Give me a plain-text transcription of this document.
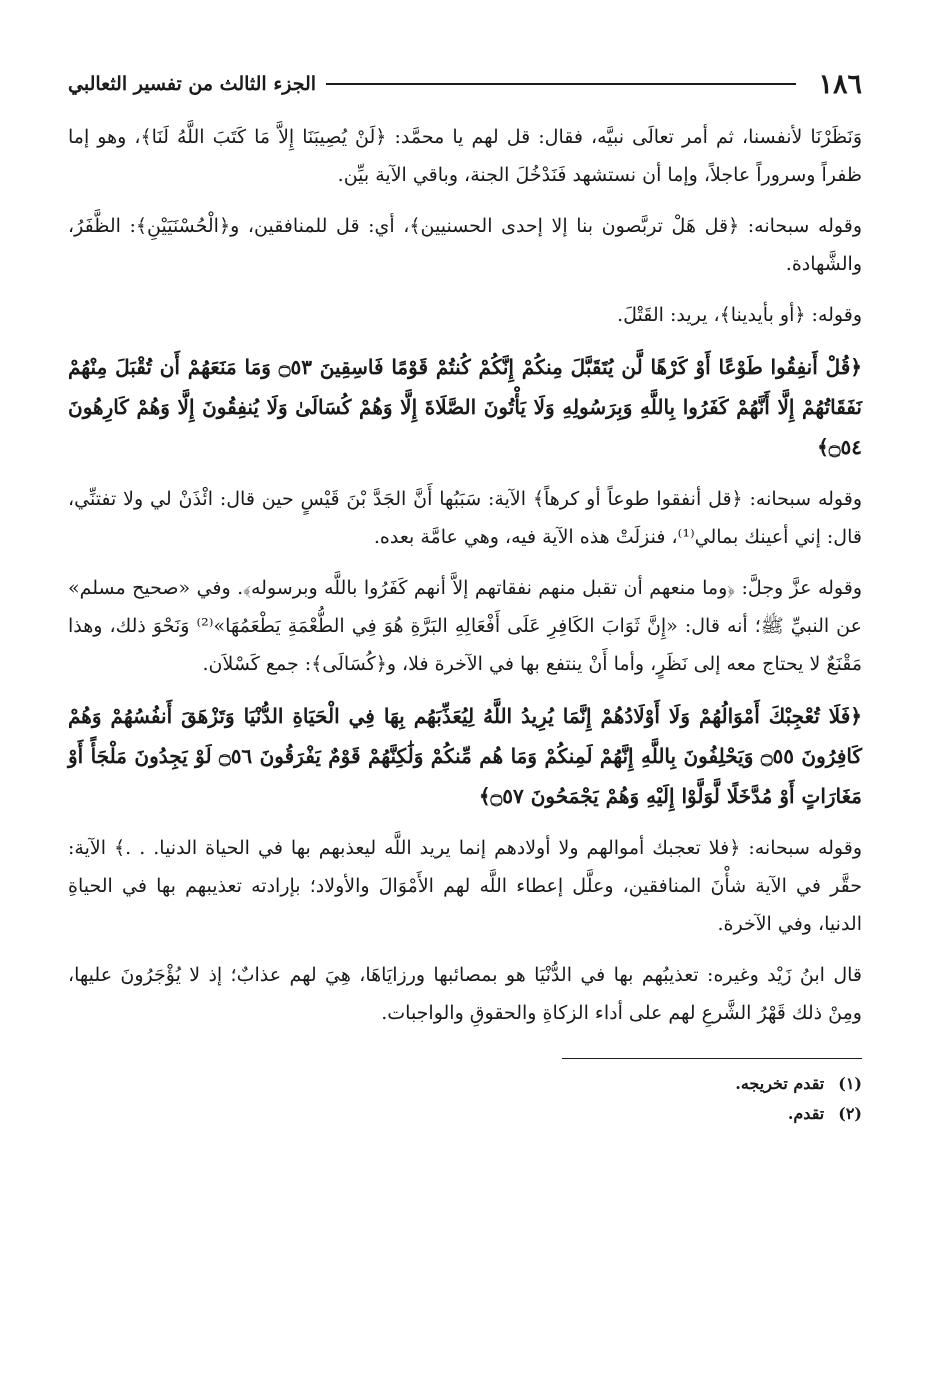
١٨٦
الجزء الثالث من تفسير الثعالبي

وَنَظَرْنَا لأنفسنا، ثم أمر تعالَى نبيَّه، فقال: قل لهم يا محمَّد: ﴿لَنْ يُصِيبَنَا إِلاَّ مَا كَتَبَ اللَّهُ لَنَا﴾، وهو إما ظفراً وسروراً عاجلاً، وإما أن نستشهد فَنَدْخُلَ الجنة، وباقي الآية بيِّن.

وقوله سبحانه: ﴿قل هَلْ تربَّصون بنا إلا إحدى الحسنيين﴾، أي: قل للمنافقين، و﴿الْحُسْنَيَيْنِ﴾: الظَّفَرُ، والشَّهادة.

وقوله: ﴿أو بأيدينا﴾، يريد: القَتْلَ.

﴿قُلْ أَنفِقُوا طَوْعًا أَوْ كَرْهًا لَّن يُتَقَبَّلَ مِنكُمْ إِنَّكُمْ كُنتُمْ قَوْمًا فَاسِقِينَ ۝٥٣ وَمَا مَنَعَهُمْ أَن تُقْبَلَ مِنْهُمْ نَفَقَاتُهُمْ إِلَّا أَنَّهُمْ كَفَرُوا بِاللَّهِ وَبِرَسُولِهِ وَلَا يَأْتُونَ الصَّلَاةَ إِلَّا وَهُمْ كُسَالَىٰ وَلَا يُنفِقُونَ إِلَّا وَهُمْ كَارِهُونَ ۝٥٤﴾

وقوله سبحانه: ﴿قل أنفقوا طوعاً أو كرهاً﴾ الآية: سَبَبُها أَنَّ الجَدَّ بْنَ قَيْسٍ حين قال: ائْذَنْ لي ولا تفتنِّي، قال: إني أعينك بمالي⁽¹⁾، فنزلَتْ هذه الآية فيه، وهي عامَّة بعده.

وقوله عزَّ وجلَّ: ﴿وما منعهم أن تقبل منهم نفقاتهم إلاَّ أنهم كَفَرُوا باللَّه وبرسوله﴾. وفي «صحيح مسلم» عن النبيِّ ﷺ؛ أنه قال: «إِنَّ ثَوَابَ الكَافِرِ عَلَى أَفْعَالِهِ البَرَّةِ هُوَ فِي الطُّعْمَةِ يَطْعَمُهَا»⁽²⁾ وَنَحْوَ ذلك، وهذا مَقْنَعٌ لا يحتاج معه إلى نَظَرٍ، وأما أَنْ ينتفع بها في الآخرة فلا، و﴿كُسَالَى﴾: جمع كَسْلاَن.

﴿فَلَا تُعْجِبْكَ أَمْوَالُهُمْ وَلَا أَوْلَادُهُمْ إِنَّمَا يُرِيدُ اللَّهُ لِيُعَذِّبَهُم بِهَا فِي الْحَيَاةِ الدُّنْيَا وَتَزْهَقَ أَنفُسُهُمْ وَهُمْ كَافِرُونَ ۝٥٥ وَيَحْلِفُونَ بِاللَّهِ إِنَّهُمْ لَمِنكُمْ وَمَا هُم مِّنكُمْ وَلَٰكِنَّهُمْ قَوْمٌ يَفْرَقُونَ ۝٥٦ لَوْ يَجِدُونَ مَلْجَأً أَوْ مَغَارَاتٍ أَوْ مُدَّخَلًا لَّوَلَّوْا إِلَيْهِ وَهُمْ يَجْمَحُونَ ۝٥٧﴾

وقوله سبحانه: ﴿فلا تعجبك أموالهم ولا أولادهم إنما يريد اللَّه ليعذبهم بها في الحياة الدنيا. . .﴾ الآية: حقَّر في الآية شأْنَ المنافقين، وعلَّل إعطاء اللَّه لهم الأَمْوَالَ والأولاد؛ بإرادته تعذيبهم بها في الحياةِ الدنيا، وفي الآخرة.

قال ابنُ زَيْد وغيره: تعذيبُهم بها في الدُّنْيَا هو بمصائبها ورزايَاهَا، هِيَ لهم عذابٌ؛ إذ لا يُؤْجَرُونَ عليها، ومِنْ ذلك قَهْرُ الشَّرعِ لهم على أداء الزكاةِ والحقوقِ والواجبات.

(١)
تقدم تخريجه.
(٢)
تقدم.
